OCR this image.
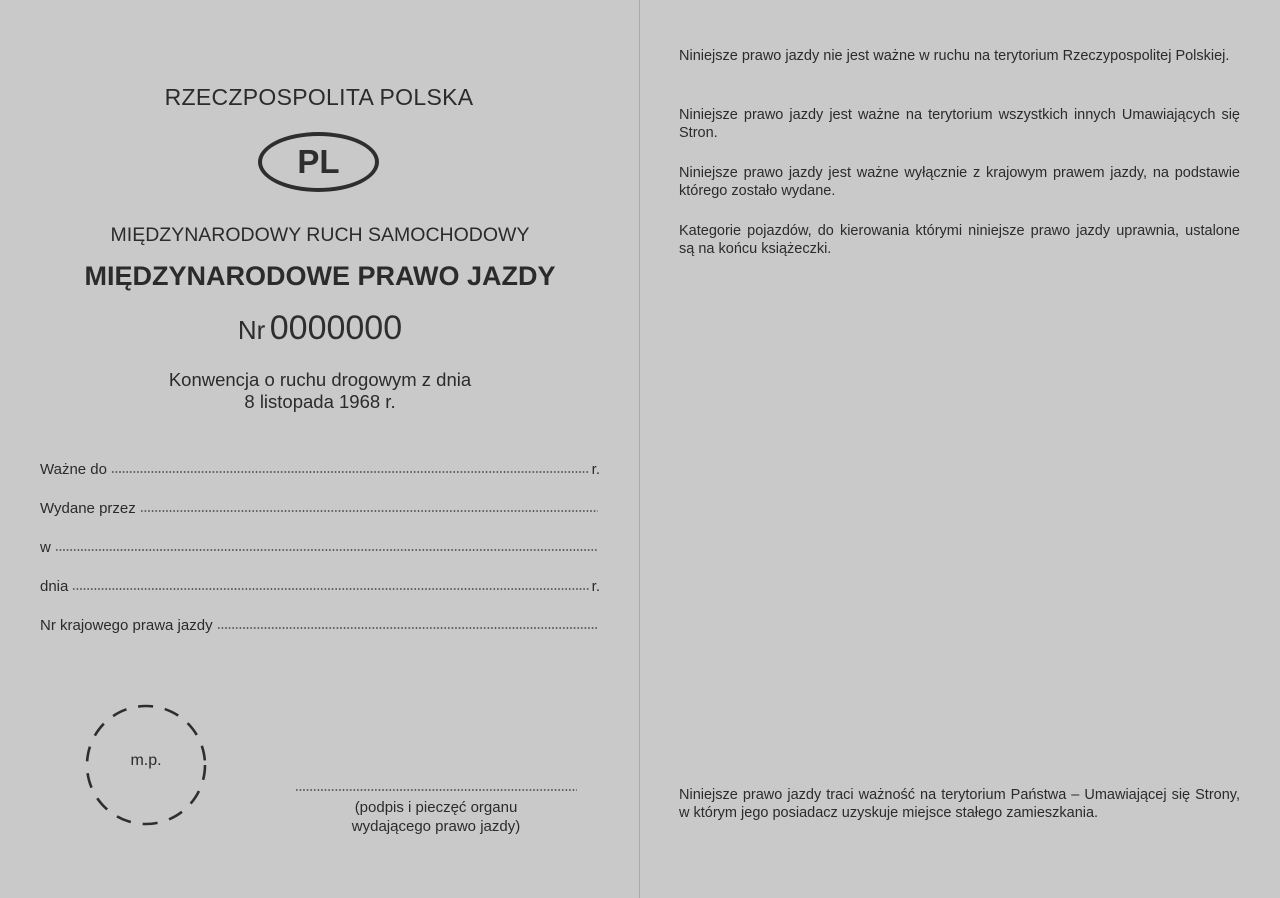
RZECZPOSPOLITA POLSKA
PL
MIĘDZYNARODOWY RUCH SAMOCHODOWY
MIĘDZYNARODOWE PRAWO JAZDY
Nr 0000000
Konwencja o ruchu drogowym z dnia
8 listopada 1968 r.
Ważne do	r.
Wydane przez
w
dnia	r.
Nr krajowego prawa jazdy
m.p.
(podpis i pieczęć organu
wydającego prawo jazdy)
Niniejsze prawo jazdy nie jest ważne w ruchu na terytorium Rzeczypospolitej Polskiej.
Niniejsze prawo jazdy jest ważne na terytorium wszystkich innych Umawiających się Stron.
Niniejsze prawo jazdy jest ważne wyłącznie z krajowym prawem jazdy, na podstawie którego zostało wydane.
Kategorie pojazdów, do kierowania którymi niniejsze prawo jazdy uprawnia, ustalone są na końcu książeczki.
Niniejsze prawo jazdy traci ważność na terytorium Państwa – Umawiającej się Strony, w którym jego posiadacz uzyskuje miejsce stałego zamieszkania.
